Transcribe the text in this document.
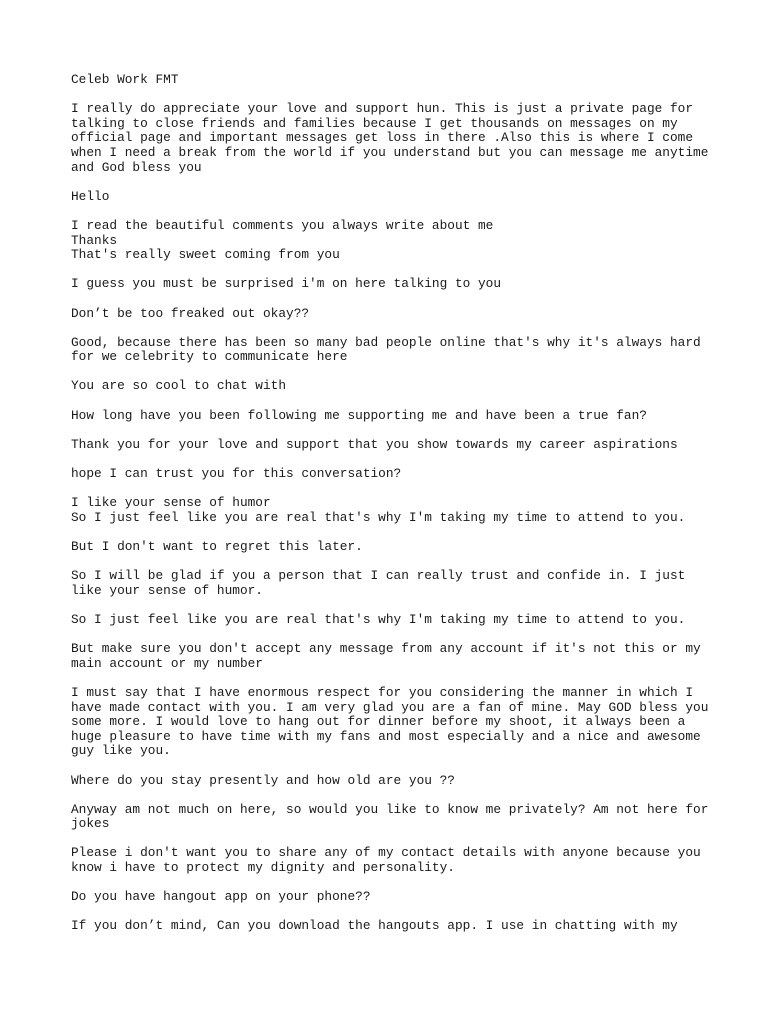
Celeb Work FMT

I really do appreciate your love and support hun. This is just a private page for
talking to close friends and families because I get thousands on messages on my
official page and important messages get loss in there .Also this is where I come
when I need a break from the world if you understand but you can message me anytime
and God bless you

Hello

I read the beautiful comments you always write about me
Thanks
That's really sweet coming from you

I guess you must be surprised i'm on here talking to you

Don’t be too freaked out okay??

Good, because there has been so many bad people online that's why it's always hard
for we celebrity to communicate here

You are so cool to chat with

How long have you been following me supporting me and have been a true fan?

Thank you for your love and support that you show towards my career aspirations

hope I can trust you for this conversation?

I like your sense of humor
So I just feel like you are real that's why I'm taking my time to attend to you.

But I don't want to regret this later.

So I will be glad if you a person that I can really trust and confide in. I just
like your sense of humor.

So I just feel like you are real that's why I'm taking my time to attend to you.

But make sure you don't accept any message from any account if it's not this or my
main account or my number

I must say that I have enormous respect for you considering the manner in which I
have made contact with you. I am very glad you are a fan of mine. May GOD bless you
some more. I would love to hang out for dinner before my shoot, it always been a
huge pleasure to have time with my fans and most especially and a nice and awesome
guy like you.

Where do you stay presently and how old are you ??

Anyway am not much on here, so would you like to know me privately? Am not here for
jokes

Please i don't want you to share any of my contact details with anyone because you
know i have to protect my dignity and personality.

Do you have hangout app on your phone??

If you don’t mind, Can you download the hangouts app. I use in chatting with my
